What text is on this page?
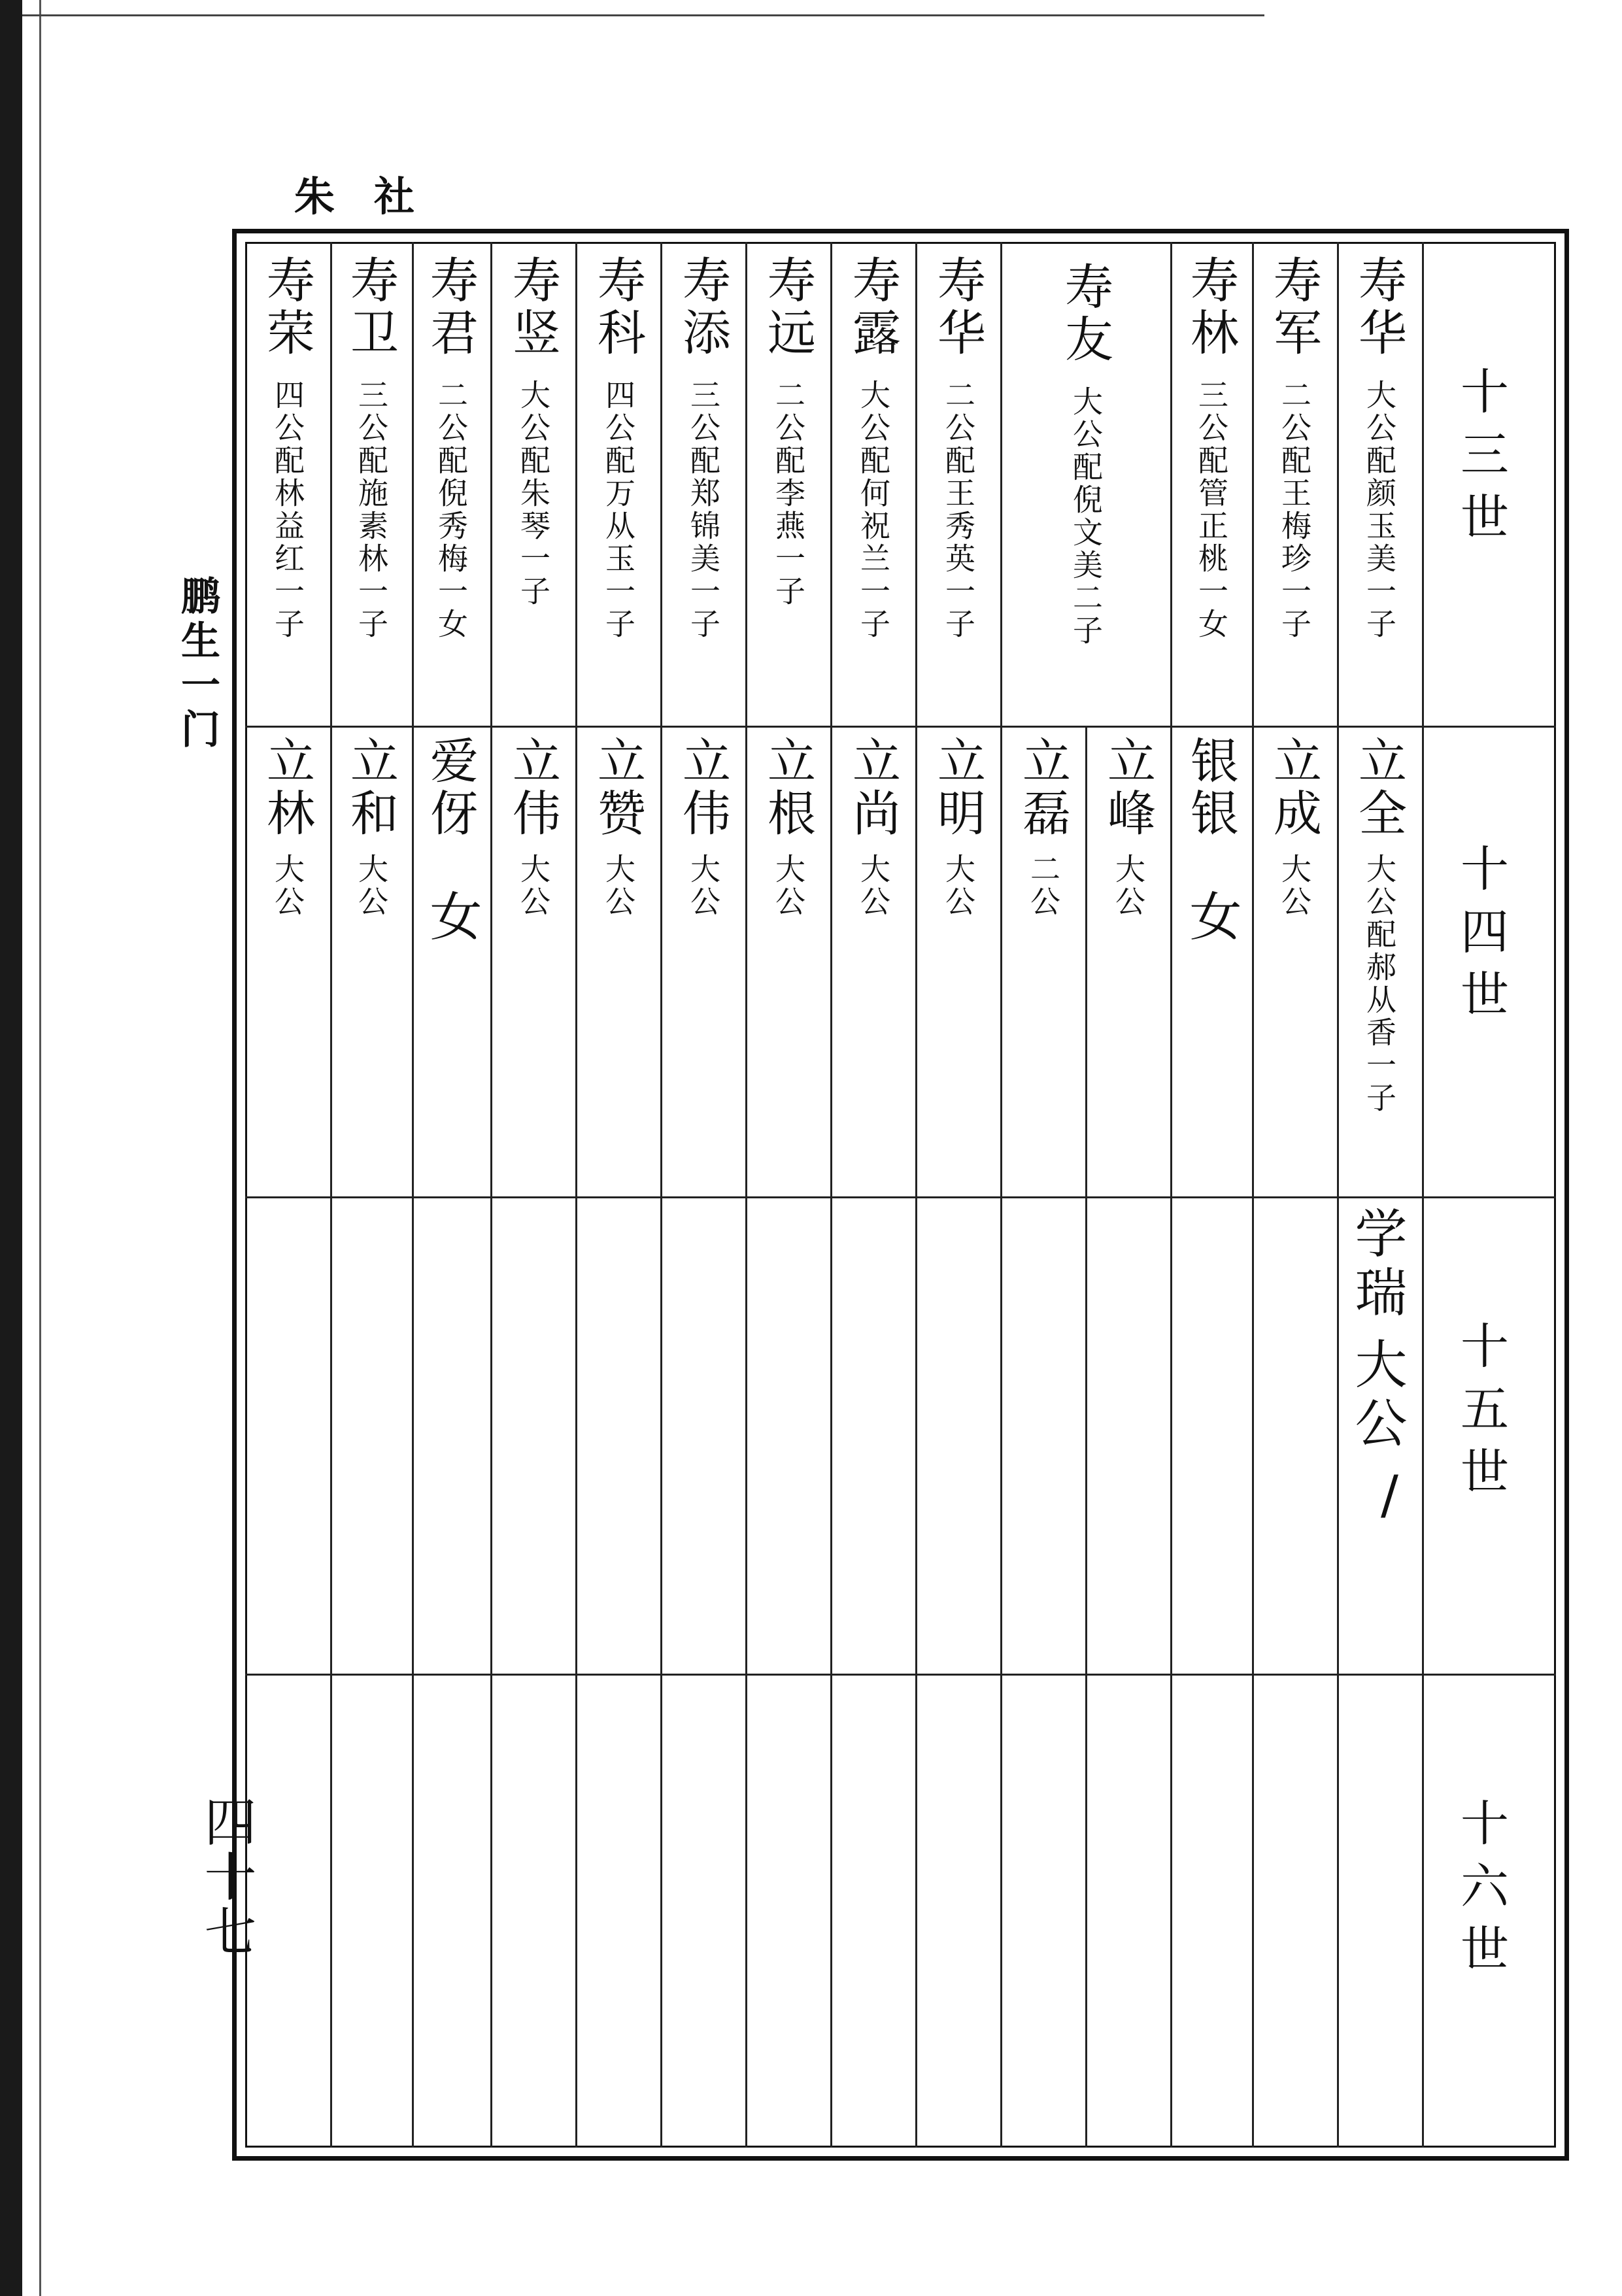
朱社
鹏生一门
四十七
十三世
十四世
十五世
十六世
寿华
大公配颜玉美一子
立全
大公配郝从香一子
学瑞
大公
/
寿军
二公配王梅珍一子
立成
大公
寿林
三公配管正桃一女
银银
女
寿友
大公配倪文美二子
立峰
大公
立磊
二公
寿华
二公配王秀英一子
立明
大公
寿露
大公配何祝兰一子
立尚
大公
寿远
二公配李燕一子
立根
大公
寿添
三公配郑锦美一子
立伟
大公
寿科
四公配万从玉一子
立赞
大公
寿竖
大公配朱琴一子
立伟
大公
寿君
二公配倪秀梅一女
爱伢
女
寿卫
三公配施素林一子
立和
大公
寿荣
四公配林益红一子
立林
大公
